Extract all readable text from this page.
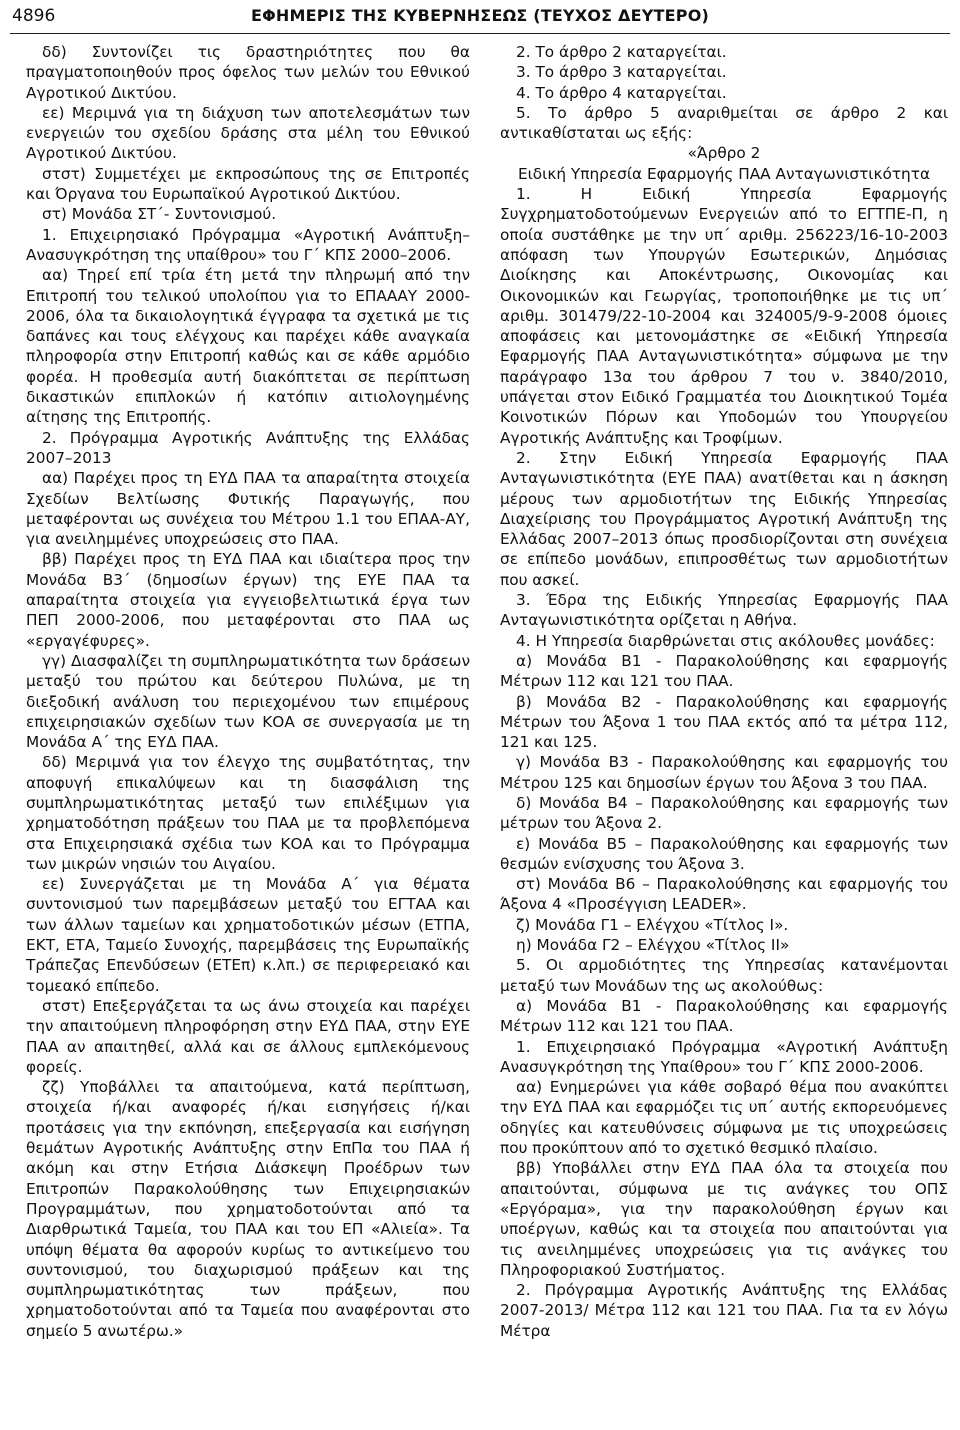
4896	ΕΦΗΜΕΡΙΣ ΤΗΣ ΚΥΒΕΡΝΗΣΕΩΣ (ΤΕΥΧΟΣ ΔΕΥΤΕΡΟ)

δδ) Συντονίζει τις δραστηριότητες που θα πραγματοποιηθούν προς όφελος των μελών του Εθνικού Αγροτικού Δικτύου.

εε) Μεριμνά για τη διάχυση των αποτελεσμάτων των ενεργειών του σχεδίου δράσης στα μέλη του Εθνικού Αγροτικού Δικτύου.

στστ) Συμμετέχει με εκπροσώπους της σε Επιτροπές και Όργανα του Ευρωπαϊκού Αγροτικού Δικτύου.

στ) Μονάδα ΣΤ΄- Συντονισμού.

1. Επιχειρησιακό Πρόγραμμα «Αγροτική Ανάπτυξη–Ανασυγκρότηση της υπαίθρου» του Γ΄ ΚΠΣ 2000–2006.

αα) Τηρεί επί τρία έτη μετά την πληρωμή από την Επιτροπή του τελικού υπολοίπου για το ΕΠΑΑΑΥ 2000-2006, όλα τα δικαιολογητικά έγγραφα τα σχετικά με τις δαπάνες και τους ελέγχους και παρέχει κάθε αναγκαία πληροφορία στην Επιτροπή καθώς και σε κάθε αρμόδιο φορέα. Η προθεσμία αυτή διακόπτεται σε περίπτωση δικαστικών επιπλοκών ή κατόπιν αιτιολογημένης αίτησης της Επιτροπής.

2. Πρόγραμμα Αγροτικής Ανάπτυξης της Ελλάδας 2007–2013

αα) Παρέχει προς τη ΕΥΔ ΠΑΑ τα απαραίτητα στοιχεία Σχεδίων Βελτίωσης Φυτικής Παραγωγής, που μεταφέρονται ως συνέχεια του Μέτρου 1.1 του ΕΠΑΑ-ΑΥ, για ανειλημμένες υποχρεώσεις στο ΠΑΑ.

ββ) Παρέχει προς τη ΕΥΔ ΠΑΑ και ιδιαίτερα προς την Μονάδα Β3΄ (δημοσίων έργων) της ΕΥΕ ΠΑΑ τα απαραίτητα στοιχεία για εγγειοβελτιωτικά έργα των ΠΕΠ 2000-2006, που μεταφέρονται στο ΠΑΑ ως «εργαγέφυρες».

γγ) Διασφαλίζει τη συμπληρωματικότητα των δράσεων μεταξύ του πρώτου και δεύτερου Πυλώνα, με τη διεξοδική ανάλυση του περιεχομένου των επιμέρους επιχειρησιακών σχεδίων των ΚΟΑ σε συνεργασία με τη Μονάδα Α΄ της ΕΥΔ ΠΑΑ.

δδ) Μεριμνά για τον έλεγχο της συμβατότητας, την αποφυγή επικαλύψεων και τη διασφάλιση της συμπληρωματικότητας μεταξύ των επιλέξιμων για χρηματοδότηση πράξεων του ΠΑΑ με τα προβλεπόμενα στα Επιχειρησιακά σχέδια των ΚΟΑ και το Πρόγραμμα των μικρών νησιών του Αιγαίου.

εε) Συνεργάζεται με τη Μονάδα Α΄ για θέματα συντονισμού των παρεμβάσεων μεταξύ του ΕΓΤΑΑ και των άλλων ταμείων και χρηματοδοτικών μέσων (ΕΤΠΑ, ΕΚΤ, ΕΤΑ, Ταμείο Συνοχής, παρεμβάσεις της Ευρωπαϊκής Τράπεζας Επενδύσεων (ΕΤΕπ) κ.λπ.) σε περιφερειακό και τομεακό επίπεδο.

στστ) Επεξεργάζεται τα ως άνω στοιχεία και παρέχει την απαιτούμενη πληροφόρηση στην ΕΥΔ ΠΑΑ, στην ΕΥΕ ΠΑΑ αν απαιτηθεί, αλλά και σε άλλους εμπλεκόμενους φορείς.

ζζ) Υποβάλλει τα απαιτούμενα, κατά περίπτωση, στοιχεία ή/και αναφορές ή/και εισηγήσεις ή/και προτάσεις για την εκπόνηση, επεξεργασία και εισήγηση θεμάτων Αγροτικής Ανάπτυξης στην ΕπΠα του ΠΑΑ ή ακόμη και στην Ετήσια Διάσκεψη Προέδρων των Επιτροπών Παρακολούθησης των Επιχειρησιακών Προγραμμάτων, που χρηματοδοτούνται από τα Διαρθρωτικά Ταμεία, του ΠΑΑ και του ΕΠ «Αλιεία». Τα υπόψη θέματα θα αφορούν κυρίως το αντικείμενο του συντονισμού, του διαχωρισμού πράξεων και της συμπληρωματικότητας των πράξεων, που χρηματοδοτούνται από τα Ταμεία που αναφέρονται στο σημείο 5 ανωτέρω.»

2. Το άρθρο 2 καταργείται.

3. Το άρθρο 3 καταργείται.

4. Το άρθρο 4 καταργείται.

5. Το άρθρο 5 αναριθμείται σε άρθρο 2 και αντικαθίσταται ως εξής:

«Άρθρο 2

Ειδική Υπηρεσία Εφαρμογής ΠΑΑ Ανταγωνιστικότητα

1. Η Ειδική Υπηρεσία Εφαρμογής Συγχρηματοδοτούμενων Ενεργειών από το ΕΓΤΠΕ-Π, η οποία συστάθηκε με την υπ΄ αριθμ. 256223/16-10-2003 απόφαση των Υπουργών Εσωτερικών, Δημόσιας Διοίκησης και Αποκέντρωσης, Οικονομίας και Οικονομικών και Γεωργίας, τροποποιήθηκε με τις υπ΄ αριθμ. 301479/22-10-2004 και 324005/9-9-2008 όμοιες αποφάσεις και μετονομάστηκε σε «Ειδική Υπηρεσία Εφαρμογής ΠΑΑ Ανταγωνιστικότητα» σύμφωνα με την παράγραφο 13α του άρθρου 7 του ν. 3840/2010, υπάγεται στον Ειδικό Γραμματέα του Διοικητικού Τομέα Κοινοτικών Πόρων και Υποδομών του Υπουργείου Αγροτικής Ανάπτυξης και Τροφίμων.

2. Στην Ειδική Υπηρεσία Εφαρμογής ΠΑΑ Ανταγωνιστικότητα (ΕΥΕ ΠΑΑ) ανατίθεται και η άσκηση μέρους των αρμοδιοτήτων της Ειδικής Υπηρεσίας Διαχείρισης του Προγράμματος Αγροτική Ανάπτυξη της Ελλάδας 2007–2013 όπως προσδιορίζονται στη συνέχεια σε επίπεδο μονάδων, επιπροσθέτως των αρμοδιοτήτων που ασκεί.

3. Έδρα της Ειδικής Υπηρεσίας Εφαρμογής ΠΑΑ Ανταγωνιστικότητα ορίζεται η Αθήνα.

4. Η Υπηρεσία διαρθρώνεται στις ακόλουθες μονάδες:

α) Μονάδα Β1 - Παρακολούθησης και εφαρμογής Μέτρων 112 και 121 του ΠΑΑ.

β) Μονάδα Β2 - Παρακολούθησης και εφαρμογής Μέτρων του Άξονα 1 του ΠΑΑ εκτός από τα μέτρα 112, 121 και 125.

γ) Μονάδα Β3 - Παρακολούθησης και εφαρμογής του Μέτρου 125 και δημοσίων έργων του Άξονα 3 του ΠΑΑ.

δ) Μονάδα Β4 – Παρακολούθησης και εφαρμογής των μέτρων του Άξονα 2.

ε) Μονάδα Β5 – Παρακολούθησης και εφαρμογής των θεσμών ενίσχυσης του Άξονα 3.

στ) Μονάδα Β6 – Παρακολούθησης και εφαρμογής του Άξονα 4 «Προσέγγιση LEADER».

ζ) Μονάδα Γ1 – Ελέγχου «Τίτλος Ι».

η) Μονάδα Γ2 – Ελέγχου «Τίτλος ΙΙ»

5. Οι αρμοδιότητες της Υπηρεσίας κατανέμονται μεταξύ των Μονάδων της ως ακολούθως:

α) Μονάδα Β1 - Παρακολούθησης και εφαρμογής Μέτρων 112 και 121 του ΠΑΑ.

1. Επιχειρησιακό Πρόγραμμα «Αγροτική Ανάπτυξη Ανασυγκρότηση της Υπαίθρου» του Γ΄ ΚΠΣ 2000-2006.

αα) Ενημερώνει για κάθε σοβαρό θέμα που ανακύπτει την ΕΥΔ ΠΑΑ και εφαρμόζει τις υπ΄ αυτής εκπορευόμενες οδηγίες και κατευθύνσεις σύμφωνα με τις υποχρεώσεις που προκύπτουν από το σχετικό θεσμικό πλαίσιο.

ββ) Υποβάλλει στην ΕΥΔ ΠΑΑ όλα τα στοιχεία που απαιτούνται, σύμφωνα με τις ανάγκες του ΟΠΣ «Εργόραμα», για την παρακολούθηση έργων και υποέργων, καθώς και τα στοιχεία που απαιτούνται για τις ανειλημμένες υποχρεώσεις για τις ανάγκες του Πληροφοριακού Συστήματος.

2. Πρόγραμμα Αγροτικής Ανάπτυξης της Ελλάδας 2007-2013/ Μέτρα 112 και 121 του ΠΑΑ. Για τα εν λόγω Μέτρα
